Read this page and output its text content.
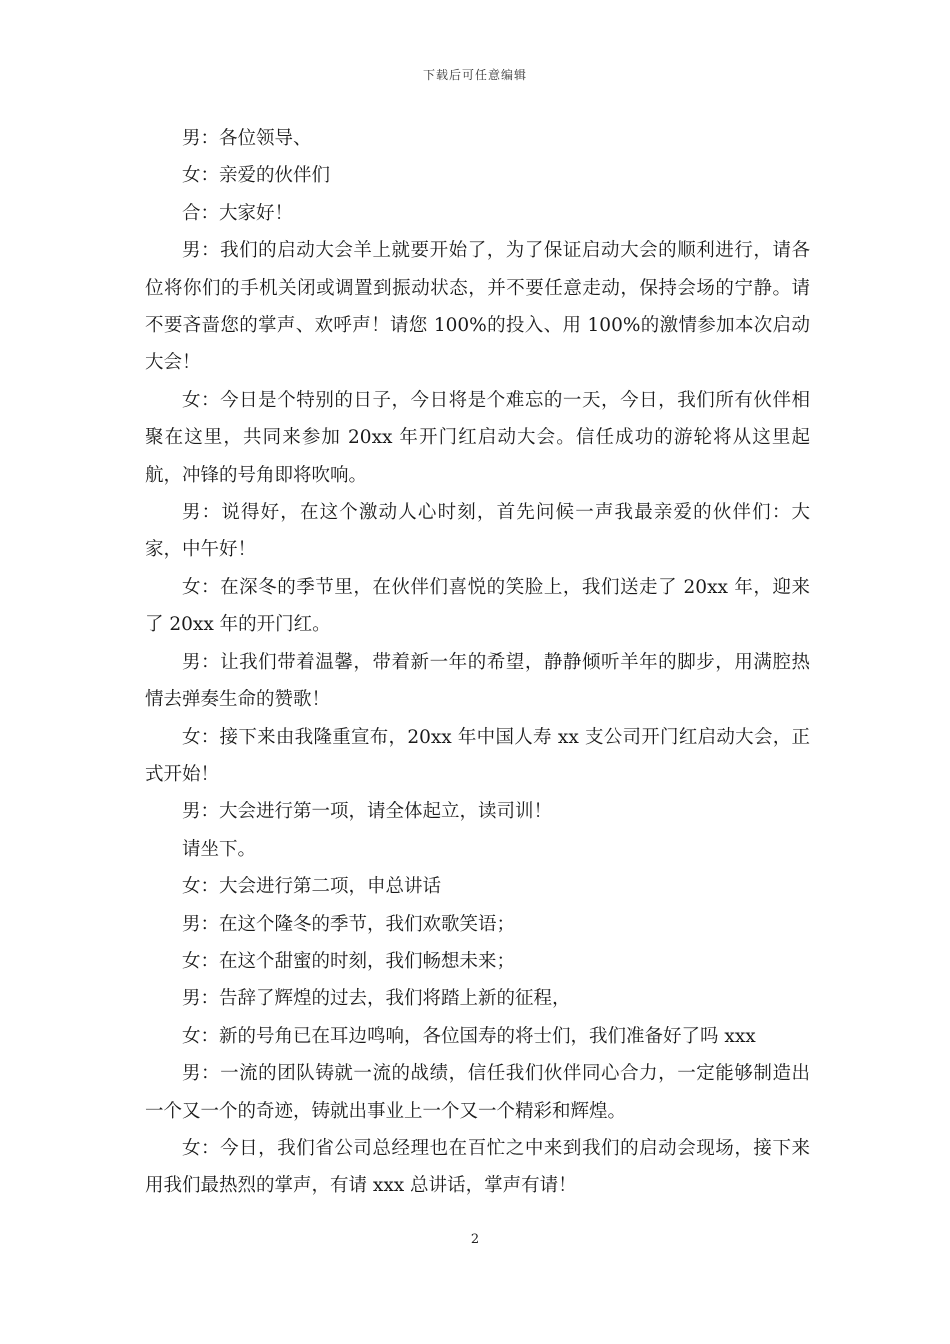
下载后可任意编辑

男：各位领导、

女：亲爱的伙伴们

合：大家好！

男：我们的启动大会羊上就要开始了，为了保证启动大会的顺利进行，请各位将你们的手机关闭或调置到振动状态，并不要任意走动，保持会场的宁静。请不要吝啬您的掌声、欢呼声！请您 100%的投入、用 100%的激情参加本次启动大会！

女：今日是个特别的日子，今日将是个难忘的一天，今日，我们所有伙伴相聚在这里，共同来参加 20xx 年开门红启动大会。信任成功的游轮将从这里起航，冲锋的号角即将吹响。

男：说得好，在这个激动人心时刻，首先问候一声我最亲爱的伙伴们：大家，中午好！

女：在深冬的季节里，在伙伴们喜悦的笑脸上，我们送走了 20xx 年，迎来了 20xx 年的开门红。

男：让我们带着温馨，带着新一年的希望，静静倾听羊年的脚步，用满腔热情去弹奏生命的赞歌！

女：接下来由我隆重宣布，20xx 年中国人寿 xx 支公司开门红启动大会，正式开始！

男：大会进行第一项，请全体起立，读司训！

请坐下。

女：大会进行第二项，申总讲话

男：在这个隆冬的季节，我们欢歌笑语；

女：在这个甜蜜的时刻，我们畅想未来；

男：告辞了辉煌的过去，我们将踏上新的征程，

女：新的号角已在耳边鸣响，各位国寿的将士们，我们准备好了吗 xxx

男：一流的团队铸就一流的战绩，信任我们伙伴同心合力，一定能够制造出一个又一个的奇迹，铸就出事业上一个又一个精彩和辉煌。

女：今日，我们省公司总经理也在百忙之中来到我们的启动会现场，接下来用我们最热烈的掌声，有请 xxx 总讲话，掌声有请！

2
